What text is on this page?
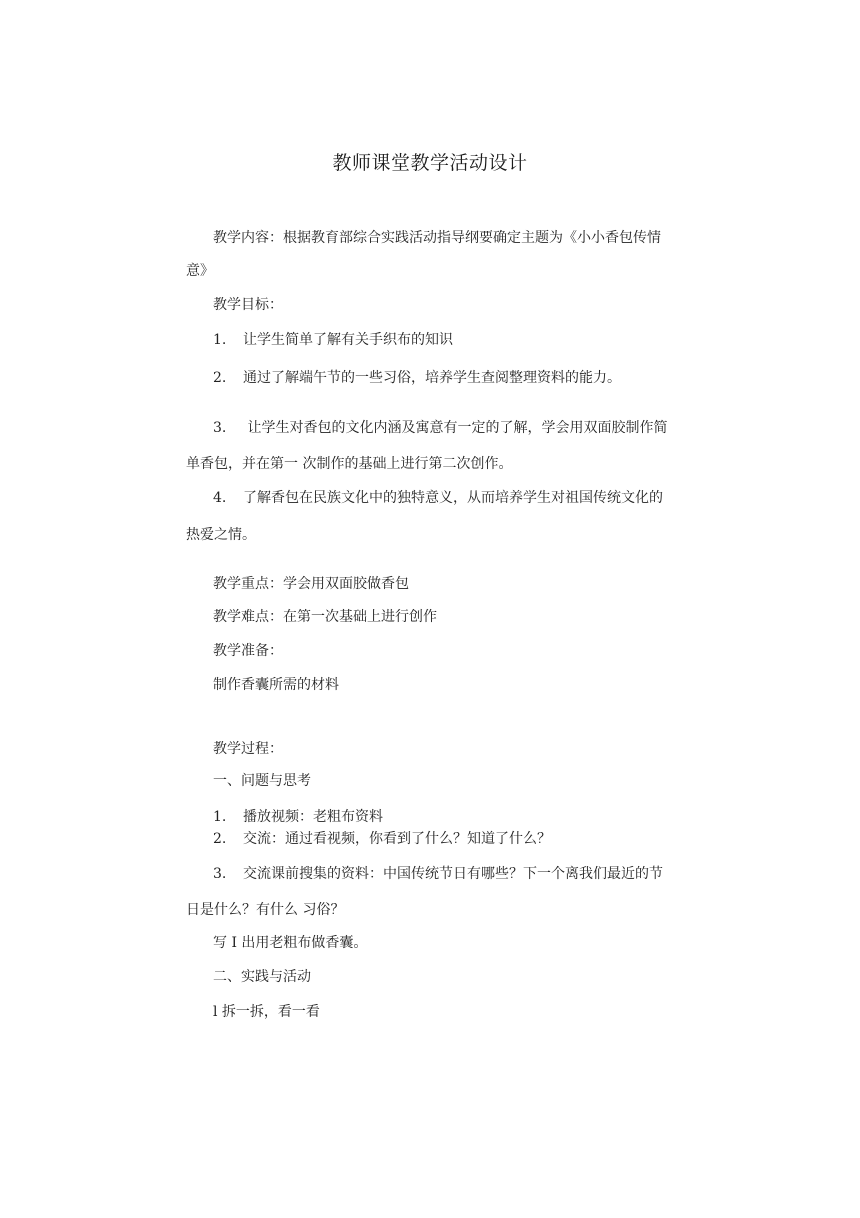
教师课堂教学活动设计
教学内容：根据教育部综合实践活动指导纲要确定主题为《小小香包传情
意》
教学目标：
1. 让学生简单了解有关手织布的知识
2. 通过了解端午节的一些习俗，培养学生查阅整理资料的能力。
3. 让学生对香包的文化内涵及寓意有一定的了解，学会用双面胶制作简
单香包，并在第一 次制作的基础上进行第二次创作。
4. 了解香包在民族文化中的独特意义，从而培养学生对祖国传统文化的
热爱之情。
教学重点：学会用双面胶做香包
教学难点：在第一次基础上进行创作
教学准备：
制作香囊所需的材料
教学过程：
一、问题与思考
1. 播放视频：老粗布资料
2. 交流：通过看视频，你看到了什么？知道了什么？
3. 交流课前搜集的资料：中国传统节日有哪些？下一个离我们最近的节
日是什么？有什么 习俗？
写 I 出用老粗布做香囊。
二、实践与活动
l 拆一拆，看一看
